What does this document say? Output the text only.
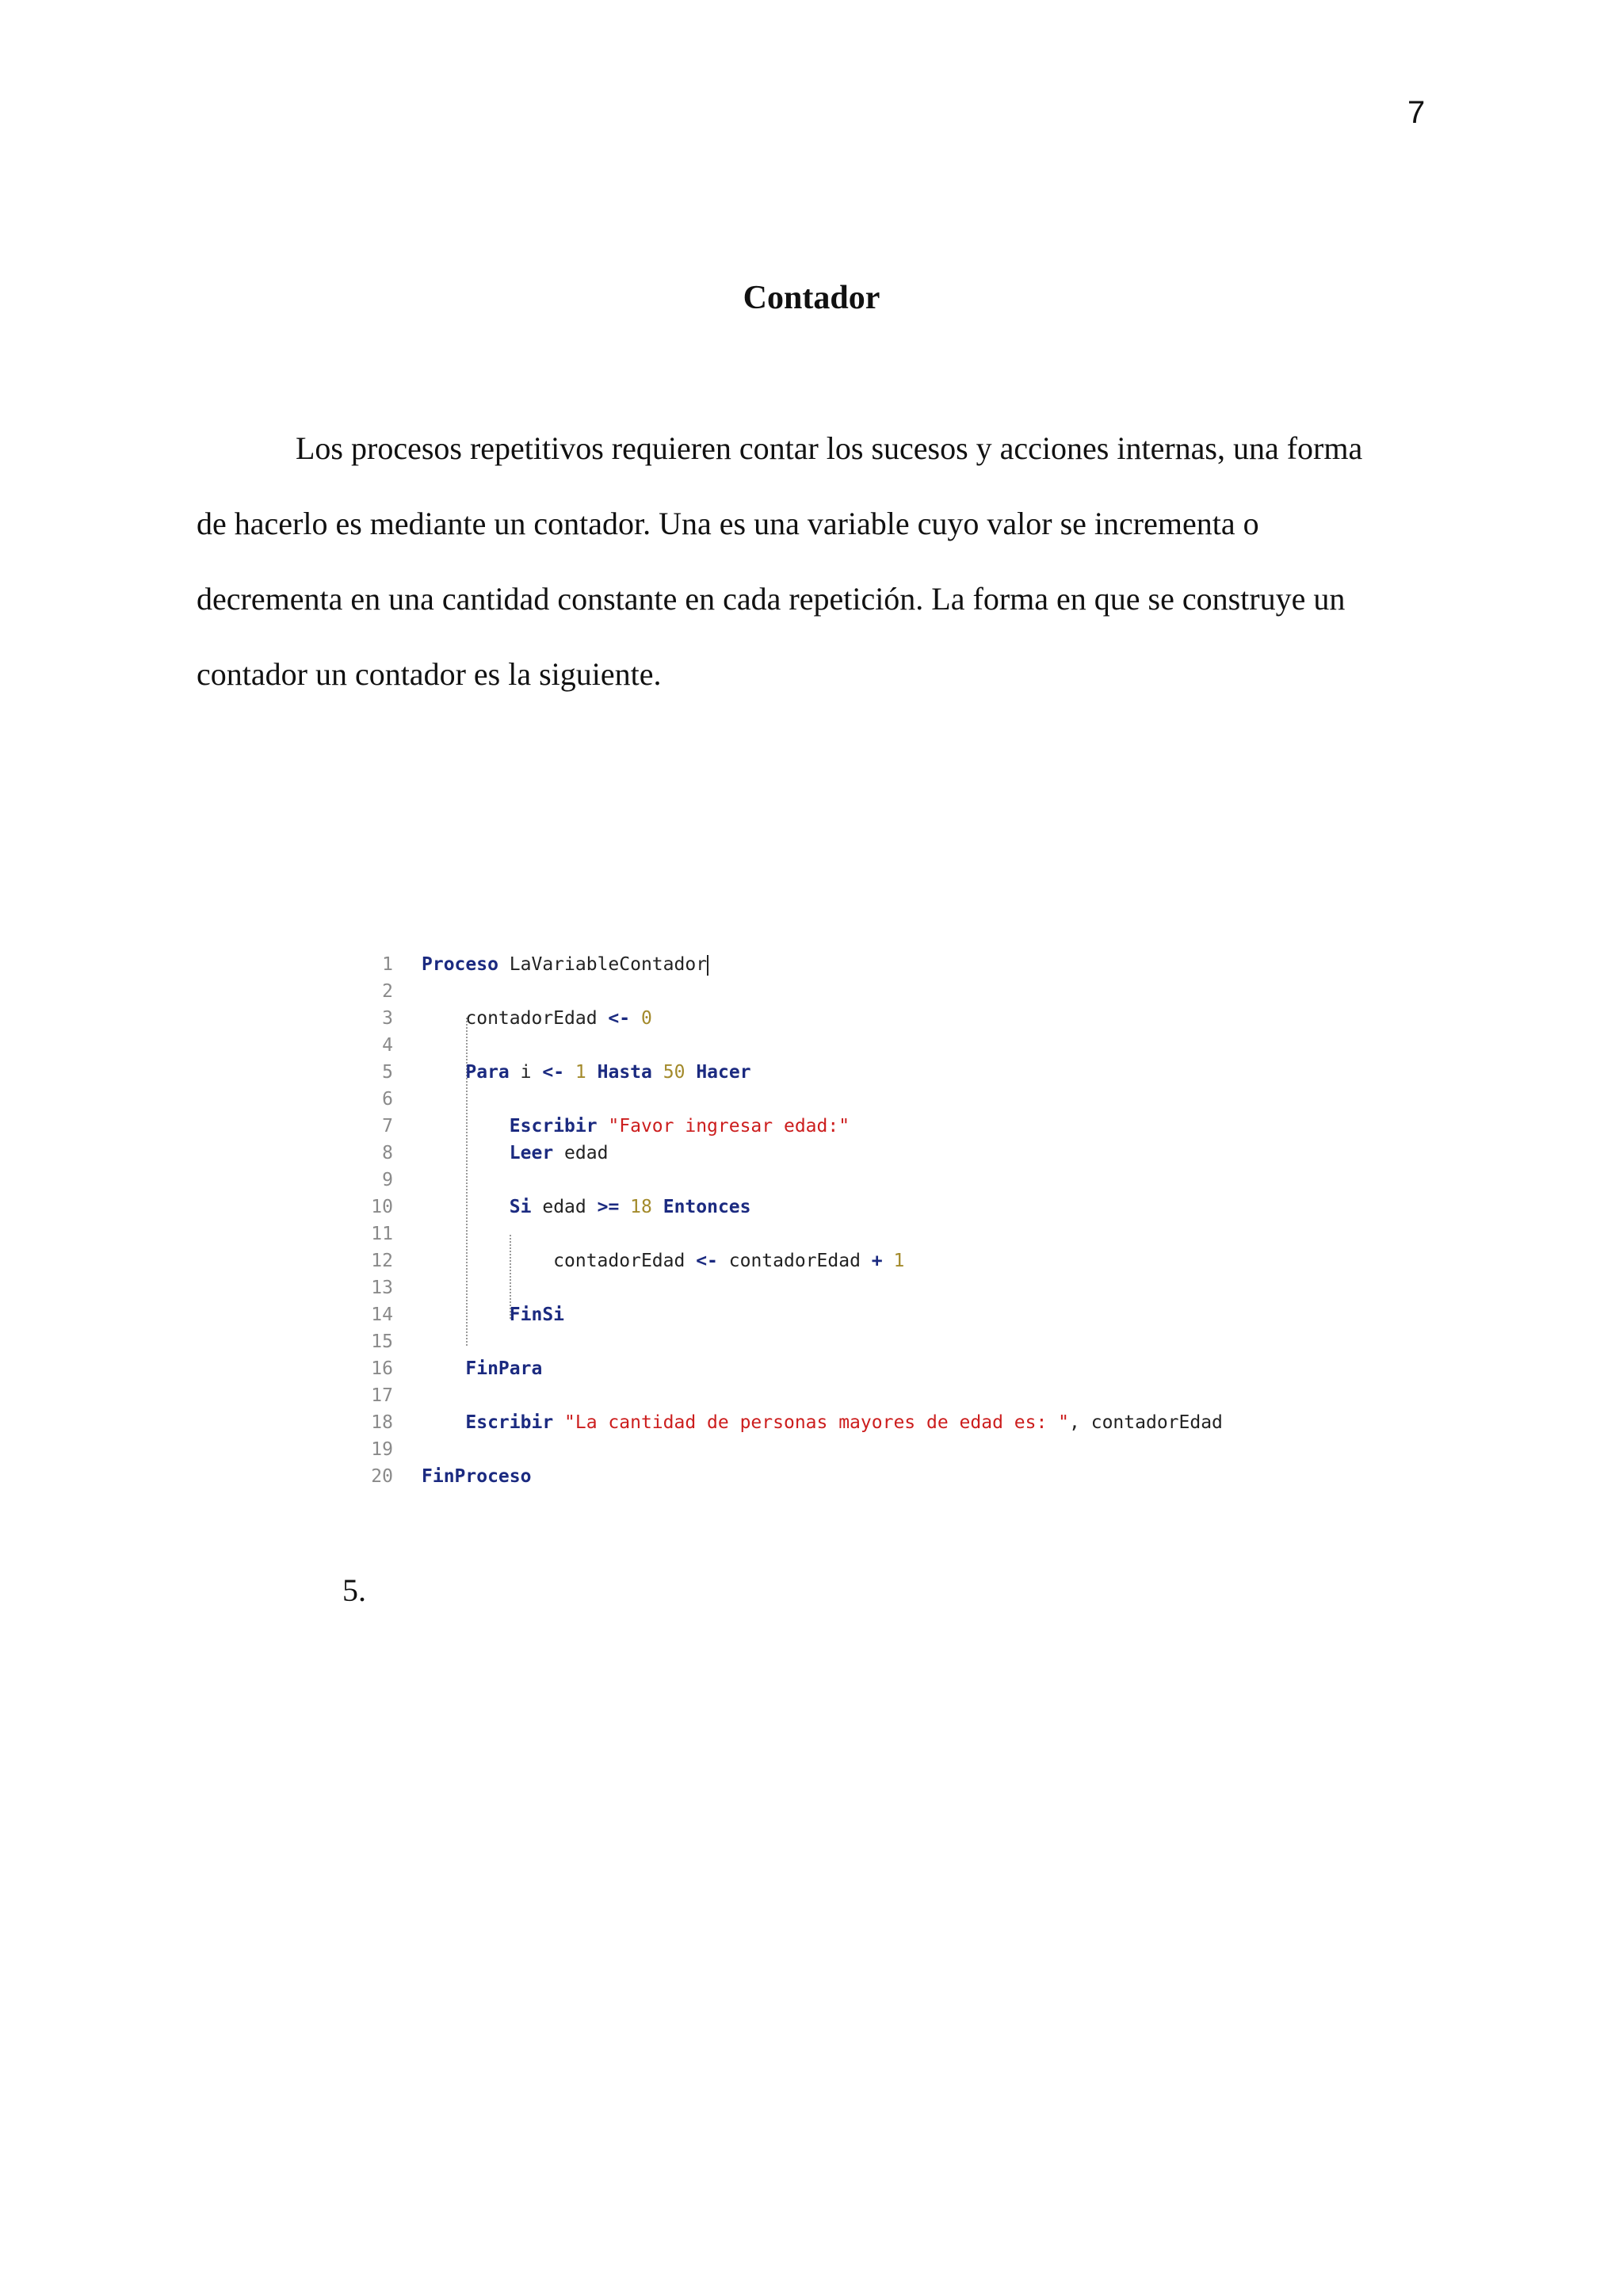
7
Contador

Los procesos repetitivos requieren contar los sucesos y acciones internas, una forma
de hacerlo es mediante un contador. Una es una variable cuyo valor se incrementa o
decrementa en una cantidad constante en cada repetición. La forma en que se construye un
contador un contador es la siguiente.

1 Proceso LaVariableContador
2
3	contadorEdad <- 0
4
5	Para i <- 1 Hasta 50 Hacer
6
7	Escribir "Favor ingresar edad:"
8	Leer edad
9
10	Si edad >= 18 Entonces
11
12	contadorEdad <- contadorEdad + 1
13
14	FinSi
15
16	FinPara
17
18	Escribir "La cantidad de personas mayores de edad es: ", contadorEdad
19
20 FinProceso
5.
